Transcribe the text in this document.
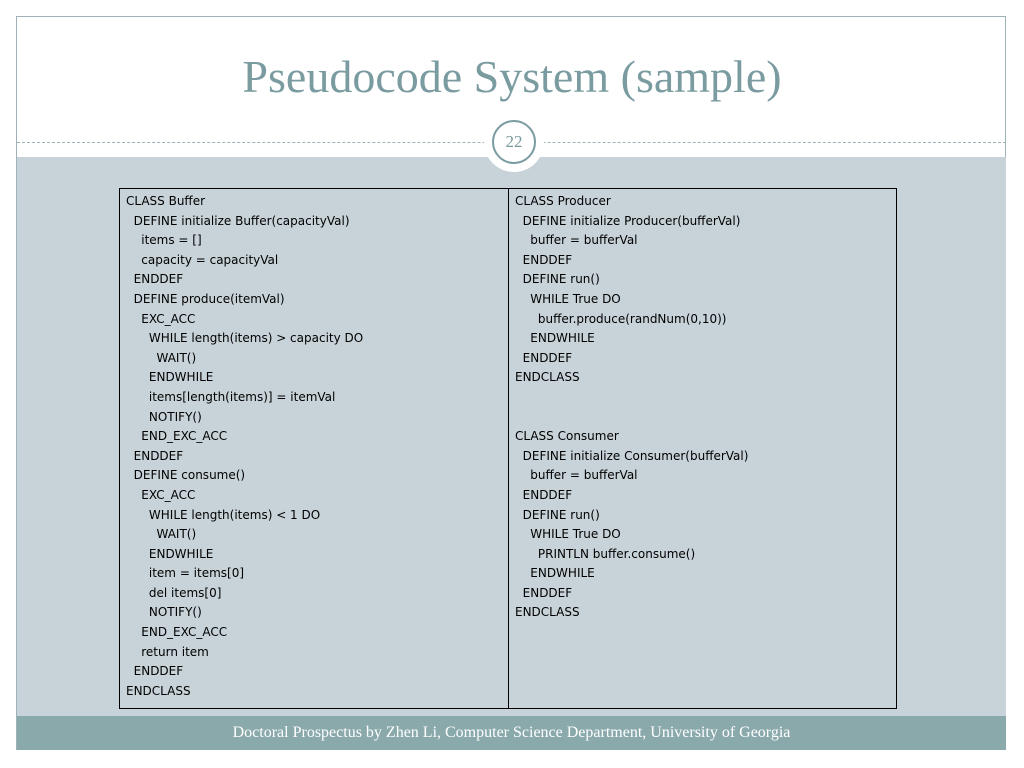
Pseudocode System (sample)
22
CLASS Buffer
DEFINE initialize Buffer(capacityVal)
items = []
capacity = capacityVal
ENDDEF
DEFINE produce(itemVal)
EXC_ACC
WHILE length(items) > capacity DO
WAIT()
ENDWHILE
items[length(items)] = itemVal
NOTIFY()
END_EXC_ACC
ENDDEF
DEFINE consume()
EXC_ACC
WHILE length(items) < 1 DO
WAIT()
ENDWHILE
item = items[0]
del items[0]
NOTIFY()
END_EXC_ACC
return item
ENDDEF
ENDCLASS
CLASS Producer
DEFINE initialize Producer(bufferVal)
buffer = bufferVal
ENDDEF
DEFINE run()
WHILE True DO
buffer.produce(randNum(0,10))
ENDWHILE
ENDDEF
ENDCLASS
CLASS Consumer
DEFINE initialize Consumer(bufferVal)
buffer = bufferVal
ENDDEF
DEFINE run()
WHILE True DO
PRINTLN buffer.consume()
ENDWHILE
ENDDEF
ENDCLASS
Doctoral Prospectus by Zhen Li, Computer Science Department, University of Georgia
